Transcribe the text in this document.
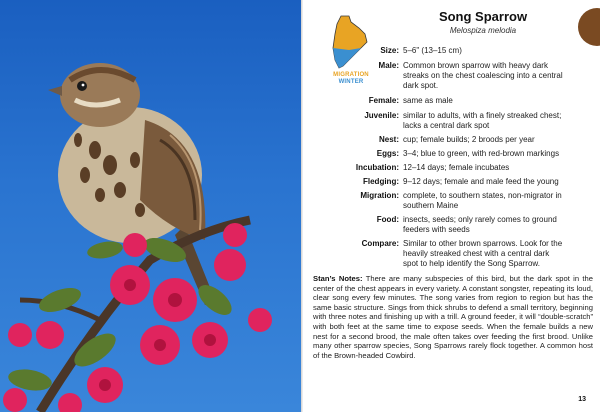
MIGRATION
WINTER
Song Sparrow
Melospiza melodia
Size: 5–6" (13–15 cm)
Male: Common brown sparrow with heavy dark
streaks on the chest coalescing into a central
dark spot.
Female: same as male
Juvenile: similar to adults, with a finely streaked chest;
lacks a central dark spot
Nest: cup; female builds; 2 broods per year
Eggs: 3–4; blue to green, with red-brown markings
Incubation: 12–14 days; female incubates
Fledging: 9–12 days; female and male feed the young
Migration: complete, to southern states, non-migrator in
southern Maine
Food: insects, seeds; only rarely comes to ground
feeders with seeds
Compare: Similar to other brown sparrows. Look for the
heavily streaked chest with a central dark
spot to help identify the Song Sparrow.
Stan’s Notes: There are many subspecies of this bird, but the dark spot in the center of the chest appears in every variety. A constant songster, repeating its loud, clear song every few minutes. The song varies from region to region but has the same basic structure. Sings from thick shrubs to defend a small territory, beginning with three notes and finishing up with a trill. A ground feeder, it will “double-scratch” with both feet at the same time to expose seeds. When the female builds a new nest for a second brood, the male often takes over feeding the first brood. Unlike many other sparrow species, Song Sparrows rarely flock together. A common host of the Brown-headed Cowbird.
13
